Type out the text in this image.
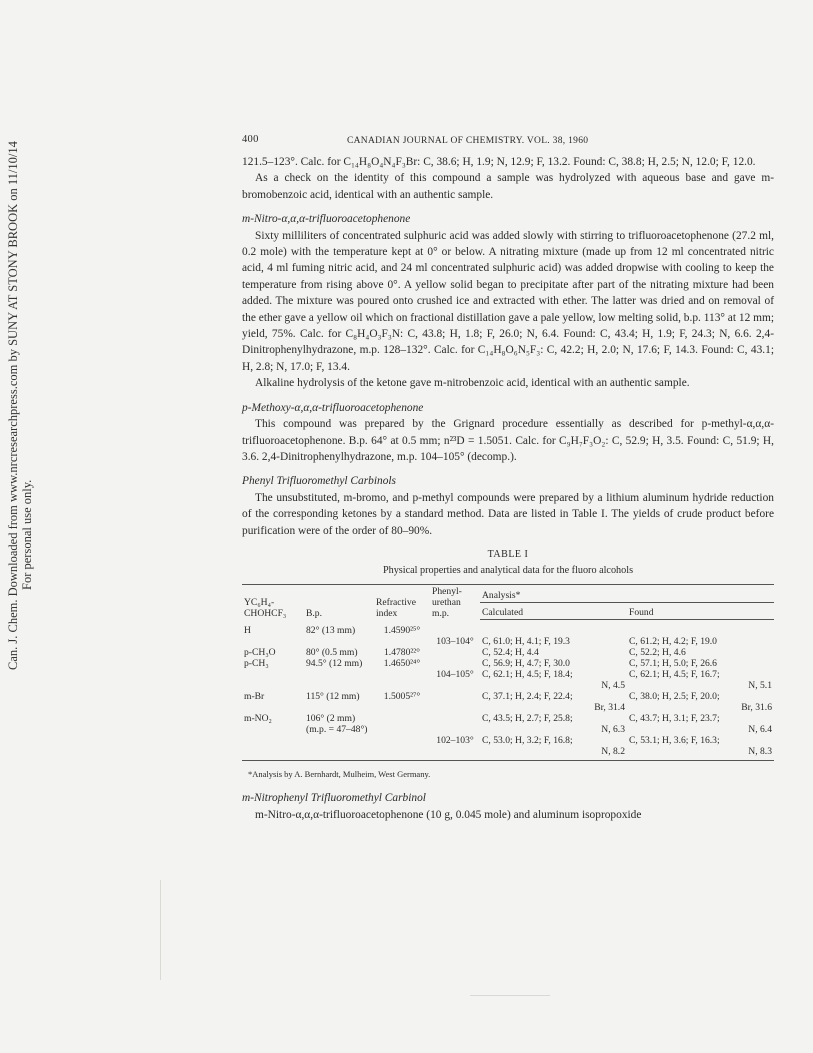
Can. J. Chem. Downloaded from www.nrcresearchpress.com by SUNY AT STONY BROOK on 11/10/14 For personal use only.
400	CANADIAN JOURNAL OF CHEMISTRY. VOL. 38, 1960

121.5–123°. Calc. for C₁₄H₈O₄N₄F₃Br: C, 38.6; H, 1.9; N, 12.9; F, 13.2. Found: C, 38.8; H, 2.5; N, 12.0; F, 12.0.

As a check on the identity of this compound a sample was hydrolyzed with aqueous base and gave m-bromobenzoic acid, identical with an authentic sample.

m-Nitro-α,α,α-trifluoroacetophenone

Sixty milliliters of concentrated sulphuric acid was added slowly with stirring to trifluoroacetophenone (27.2 ml, 0.2 mole) with the temperature kept at 0° or below. A nitrating mixture (made up from 12 ml concentrated nitric acid, 4 ml fuming nitric acid, and 24 ml concentrated sulphuric acid) was added dropwise with cooling to keep the temperature from rising above 0°. A yellow solid began to precipitate after part of the nitrating mixture had been added. The mixture was poured onto crushed ice and extracted with ether. The latter was dried and on removal of the ether gave a yellow oil which on fractional distillation gave a pale yellow, low melting solid, b.p. 113° at 12 mm; yield, 75%. Calc. for C₈H₄O₃F₃N: C, 43.8; H, 1.8; F, 26.0; N, 6.4. Found: C, 43.4; H, 1.9; F, 24.3; N, 6.6. 2,4-Dinitrophenylhydrazone, m.p. 128–132°. Calc. for C₁₄H₈O₆N₅F₃: C, 42.2; H, 2.0; N, 17.6; F, 14.3. Found: C, 43.1; H, 2.8; N, 17.0; F, 13.4.

Alkaline hydrolysis of the ketone gave m-nitrobenzoic acid, identical with an authentic sample.

p-Methoxy-α,α,α-trifluoroacetophenone

This compound was prepared by the Grignard procedure essentially as described for p-methyl-α,α,α-trifluoroacetophenone. B.p. 64° at 0.5 mm; n²³D = 1.5051. Calc. for C₉H₇F₃O₂: C, 52.9; H, 3.5. Found: C, 51.9; H, 3.6. 2,4-Dinitrophenylhydrazone, m.p. 104–105° (decomp.).

Phenyl Trifluoromethyl Carbinols

The unsubstituted, m-bromo, and p-methyl compounds were prepared by a lithium aluminum hydride reduction of the corresponding ketones by a standard method. Data are listed in Table I. The yields of crude product before purification were of the order of 80–90%.

TABLE I
Physical properties and analytical data for the fluoro alcohols
YC₆H₄-CHOHCF₃	B.p.	Refractive index	Phenyl-urethan m.p.	Analysis*	
				Calculated	Found
H	82° (13 mm)	1.4590²⁵°			
			103–104°	C, 61.0; H, 4.1; F, 19.3	C, 61.2; H, 4.2; F, 19.0
p-CH₃O	80° (0.5 mm)	1.4780²²°		C, 52.4; H, 4.4	C, 52.2; H, 4.6
p-CH₃	94.5° (12 mm)	1.4650²⁴°		C, 56.9; H, 4.7; F, 30.0	C, 57.1; H, 5.0; F, 26.6
			104–105°	C, 62.1; H, 4.5; F, 18.4;	C, 62.1; H, 4.5; F, 16.7;
				N, 4.5	N, 5.1
m-Br	115° (12 mm)	1.5005²⁷°		C, 37.1; H, 2.4; F, 22.4;	C, 38.0; H, 2.5; F, 20.0;
				Br, 31.4	Br, 31.6
m-NO₂	106° (2 mm)			C, 43.5; H, 2.7; F, 25.8;	C, 43.7; H, 3.1; F, 23.7;
	(m.p. = 47–48°)			N, 6.3	N, 6.4
			102–103°	C, 53.0; H, 3.2; F, 16.8;	C, 53.1; H, 3.6; F, 16.3;
				N, 8.2	N, 8.3
*Analysis by A. Bernhardt, Mulheim, West Germany.

m-Nitrophenyl Trifluoromethyl Carbinol

m-Nitro-α,α,α-trifluoroacetophenone (10 g, 0.045 mole) and aluminum isopropoxide
